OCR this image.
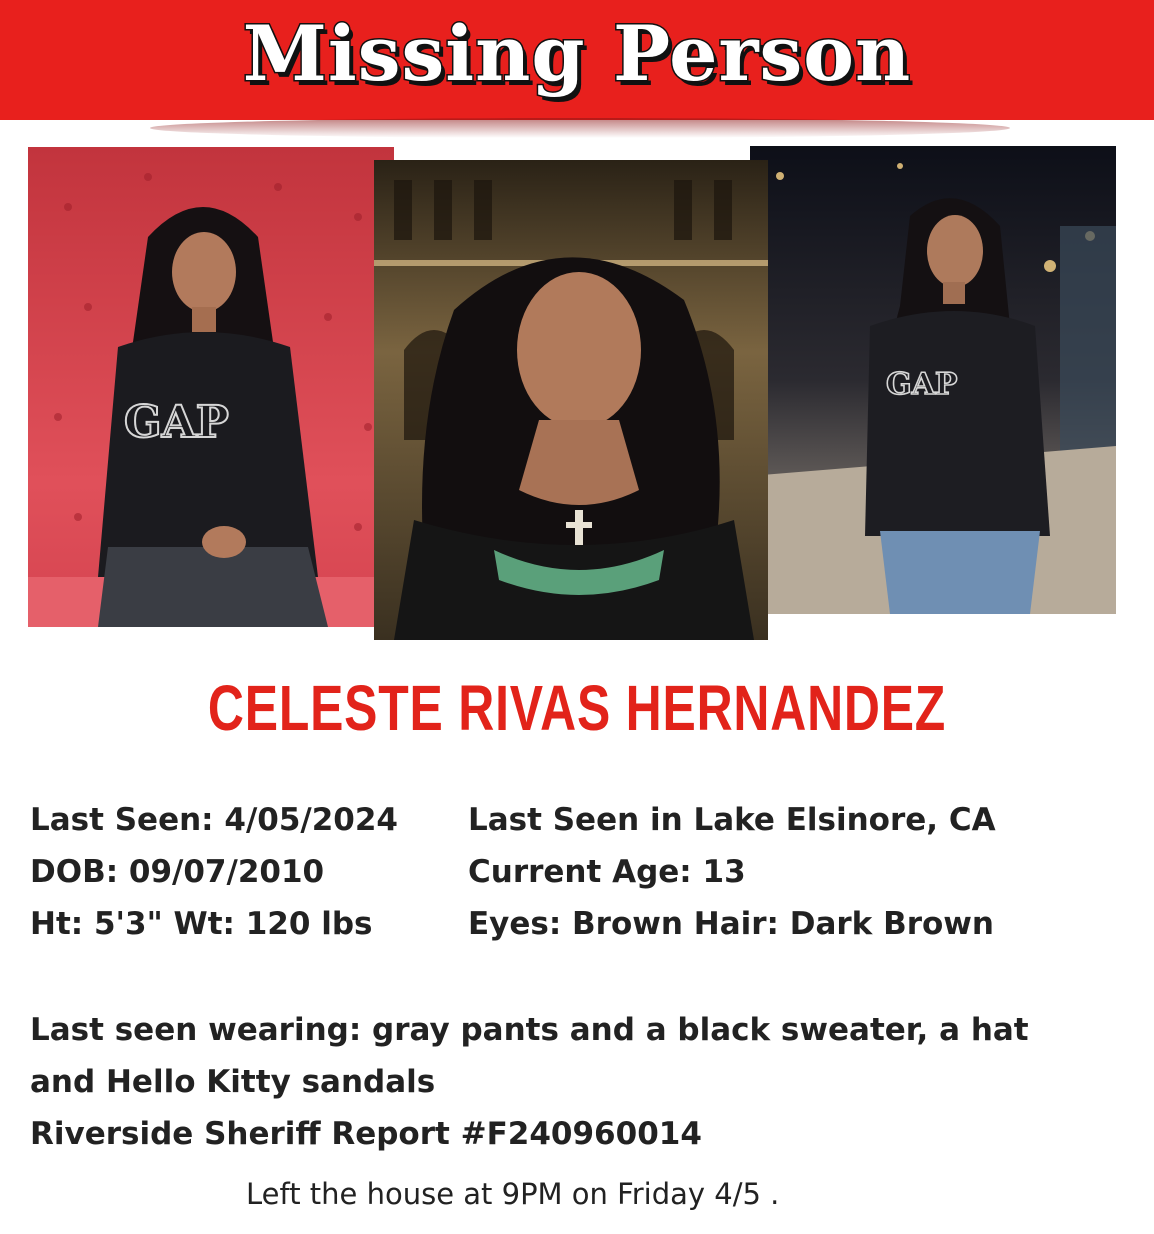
Missing Person
GAP
GAP
CELESTE RIVAS HERNANDEZ
Last Seen: 4/05/2024
DOB: 09/07/2010
Ht: 5'3" Wt: 120 lbs
Last Seen in Lake Elsinore, CA
Current Age: 13
Eyes: Brown Hair: Dark Brown
Last seen wearing: gray pants and a black sweater, a hat
and Hello Kitty sandals
Riverside Sheriff Report #F240960014
Left the house at 9PM on Friday 4/5 .
